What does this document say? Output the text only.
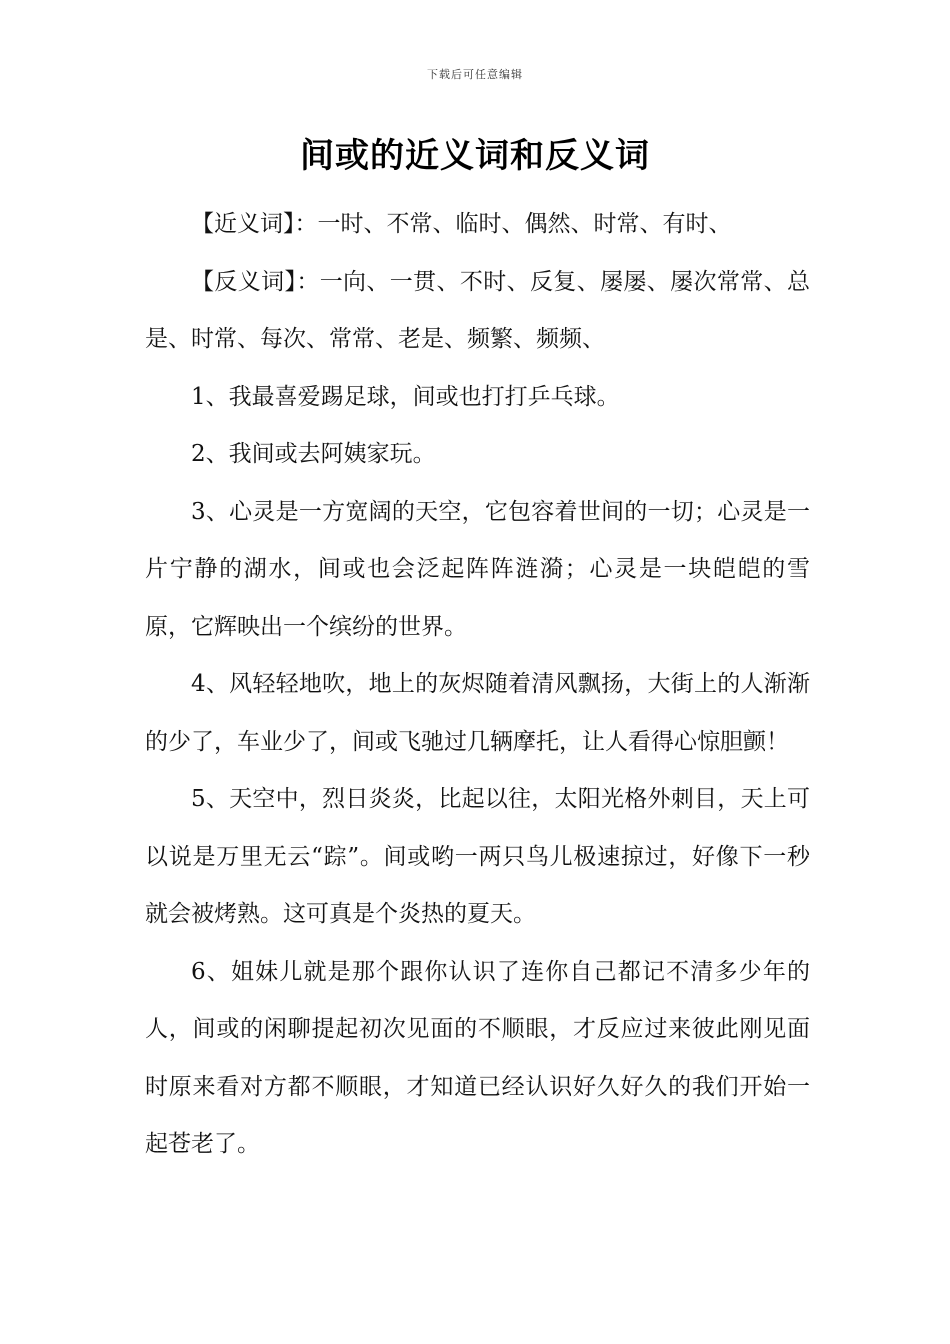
下载后可任意编辑
间或的近义词和反义词

【近义词】：一时、不常、临时、偶然、时常、有时、

【反义词】：一向、一贯、不时、反复、屡屡、屡次常常、总是、时常、每次、常常、老是、频繁、频频、

1、我最喜爱踢足球，间或也打打乒乓球。

2、我间或去阿姨家玩。

3、心灵是一方宽阔的天空，它包容着世间的一切；心灵是一片宁静的湖水，间或也会泛起阵阵涟漪；心灵是一块皑皑的雪原，它辉映出一个缤纷的世界。

4、风轻轻地吹，地上的灰烬随着清风飘扬，大街上的人渐渐的少了，车业少了，间或飞驰过几辆摩托，让人看得心惊胆颤！

5、天空中，烈日炎炎，比起以往，太阳光格外刺目，天上可以说是万里无云“踪”。间或哟一两只鸟儿极速掠过，好像下一秒就会被烤熟。这可真是个炎热的夏天。

6、姐妹儿就是那个跟你认识了连你自己都记不清多少年的人，间或的闲聊提起初次见面的不顺眼，才反应过来彼此刚见面时原来看对方都不顺眼，才知道已经认识好久好久的我们开始一起苍老了。
